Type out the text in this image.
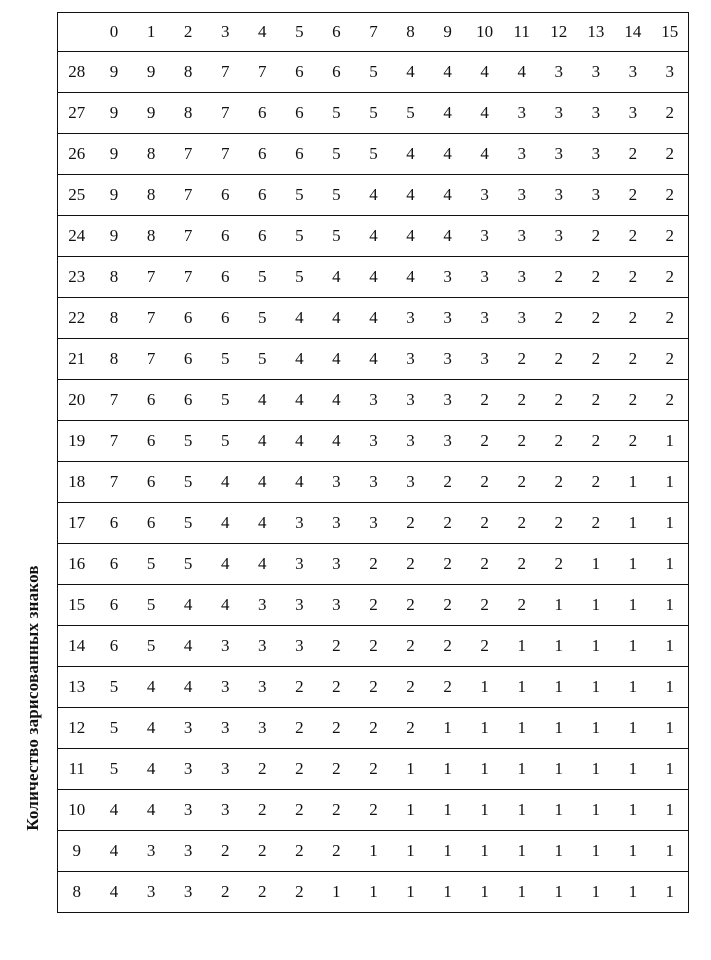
Количество зарисованных знаков
	0	1	2	3	4	5	6	7	8	9	10	11	12	13	14	15
28	9	9	8	7	7	6	6	5	4	4	4	4	3	3	3	3
27	9	9	8	7	6	6	5	5	5	4	4	3	3	3	3	2
26	9	8	7	7	6	6	5	5	4	4	4	3	3	3	2	2
25	9	8	7	6	6	5	5	4	4	4	3	3	3	3	2	2
24	9	8	7	6	6	5	5	4	4	4	3	3	3	2	2	2
23	8	7	7	6	5	5	4	4	4	3	3	3	2	2	2	2
22	8	7	6	6	5	4	4	4	3	3	3	3	2	2	2	2
21	8	7	6	5	5	4	4	4	3	3	3	2	2	2	2	2
20	7	6	6	5	4	4	4	3	3	3	2	2	2	2	2	2
19	7	6	5	5	4	4	4	3	3	3	2	2	2	2	2	1
18	7	6	5	4	4	4	3	3	3	2	2	2	2	2	1	1
17	6	6	5	4	4	3	3	3	2	2	2	2	2	2	1	1
16	6	5	5	4	4	3	3	2	2	2	2	2	2	1	1	1
15	6	5	4	4	3	3	3	2	2	2	2	2	1	1	1	1
14	6	5	4	3	3	3	2	2	2	2	2	1	1	1	1	1
13	5	4	4	3	3	2	2	2	2	2	1	1	1	1	1	1
12	5	4	3	3	3	2	2	2	2	1	1	1	1	1	1	1
11	5	4	3	3	2	2	2	2	1	1	1	1	1	1	1	1
10	4	4	3	3	2	2	2	2	1	1	1	1	1	1	1	1
9	4	3	3	2	2	2	2	1	1	1	1	1	1	1	1	1
8	4	3	3	2	2	2	1	1	1	1	1	1	1	1	1	1
